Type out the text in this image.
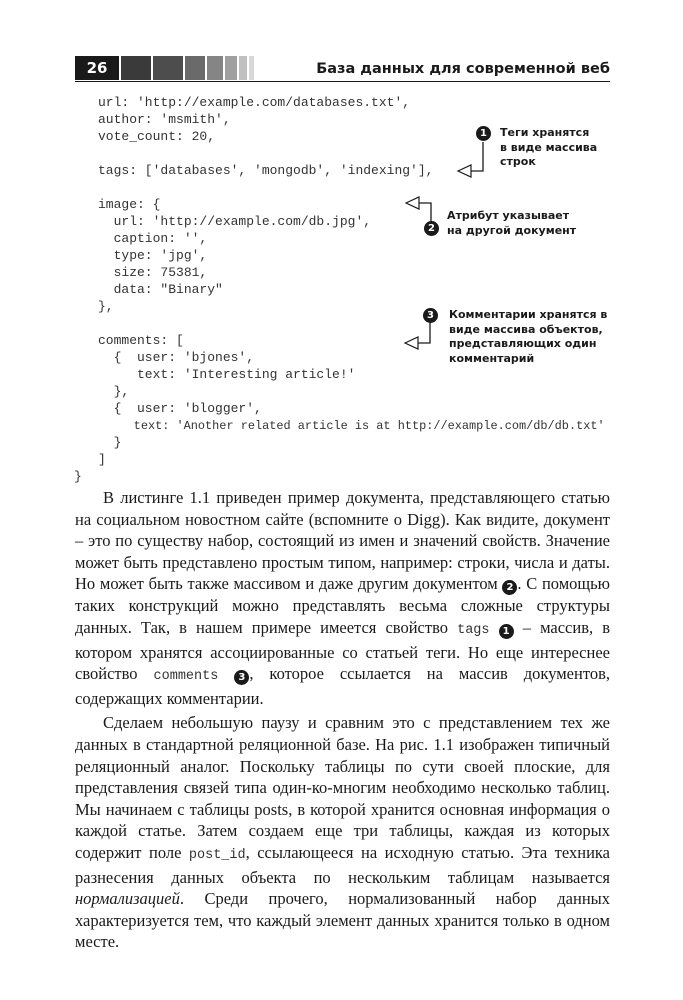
26	База данных для современной веб
url: 'http://example.com/databases.txt',
author: 'msmith',
vote_count: 20,
tags: ['databases', 'mongodb', 'indexing'],
image: {
url: 'http://example.com/db.jpg',
caption: '',
type: 'jpg',
size: 75381,
data: "Binary"
},
comments: [
{  user: 'bjones',
text: 'Interesting article!'
},
{  user: 'blogger',
text: 'Another related article is at http://example.com/db/db.txt'
}
]
}
1	Теги хранятся
в виде массива
строк
2
Атрибут указывает
на другой документ
3	Комментарии хранятся в
виде массива объектов,
представляющих один
комментарий

В листинге 1.1 приведен пример документа, представляющего статью на социальном новостном сайте (вспомните о Digg). Как видите, документ – это по существу набор, состоящий из имен и значений свойств. Значение может быть представлено простым типом, например: строки, числа и даты. Но может быть также массивом и даже другим документом 2 . С помощью таких конструкций можно представлять весьма сложные структуры данных. Так, в нашем примере имеется свойство tags 1 – массив, в котором хранятся ассоциированные со статьей теги. Но еще интереснее свойство comments 3 , которое ссылается на массив документов, содержащих комментарии.

Сделаем небольшую паузу и сравним это с представлением тех же данных в стандартной реляционной базе. На рис. 1.1 изображен типичный реляционный аналог. Поскольку таблицы по сути своей плоские, для представления связей типа один-ко-многим необходимо несколько таблиц. Мы начинаем с таблицы posts, в которой хранится основная информация о каждой статье. Затем создаем еще три таблицы, каждая из которых содержит поле post_id, ссылающееся на исходную статью. Эта техника разнесения данных объекта по нескольким таблицам называется нормализацией. Среди прочего, нормализованный набор данных характеризуется тем, что каждый элемент данных хранится только в одном месте.
